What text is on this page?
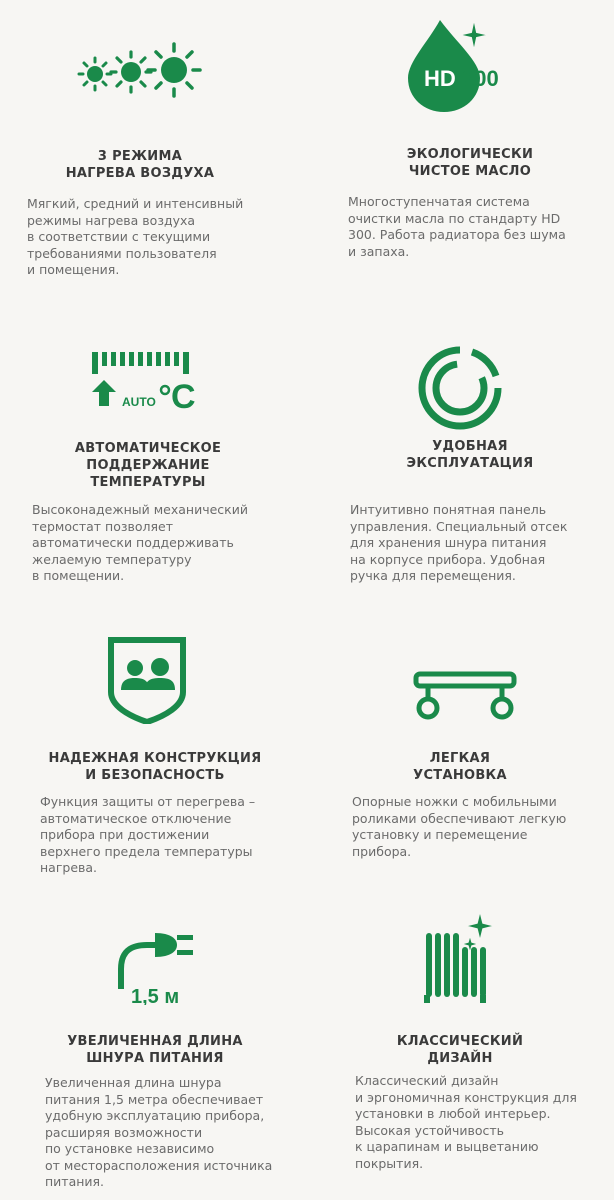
3 РЕЖИМА
НАГРЕВА ВОЗДУХА
Мягкий, средний и интенсивный
режимы нагрева воздуха
в соответствии с текущими
требованиями пользователя
и помещения.
HD 300
ЭКОЛОГИЧЕСКИ
ЧИСТОЕ МАСЛО
Многоступенчатая система
очистки масла по стандарту HD
300. Работа радиатора без шума
и запаха.
AUTO C
АВТОМАТИЧЕСКОЕ
ПОДДЕРЖАНИЕ
ТЕМПЕРАТУРЫ
Высоконадежный механический
термостат позволяет
автоматически поддерживать
желаемую температуру
в помещении.
УДОБНАЯ
ЭКСПЛУАТАЦИЯ
Интуитивно понятная панель
управления. Специальный отсек
для хранения шнура питания
на корпусе прибора. Удобная
ручка для перемещения.
НАДЕЖНАЯ КОНСТРУКЦИЯ
И БЕЗОПАСНОСТЬ
Функция защиты от перегрева –
автоматическое отключение
прибора при достижении
верхнего предела температуры
нагрева.
ЛЕГКАЯ
УСТАНОВКА
Опорные ножки с мобильными
роликами обеспечивают легкую
установку и перемещение
прибора.
1,5 м
УВЕЛИЧЕННАЯ ДЛИНА
ШНУРА ПИТАНИЯ
Увеличенная длина шнура
питания 1,5 метра обеспечивает
удобную эксплуатацию прибора,
расширяя возможности
по установке независимо
от месторасположения источника
питания.
КЛАССИЧЕСКИЙ
ДИЗАЙН
Классический дизайн
и эргономичная конструкция для
установки в любой интерьер.
Высокая устойчивость
к царапинам и выцветанию
покрытия.
